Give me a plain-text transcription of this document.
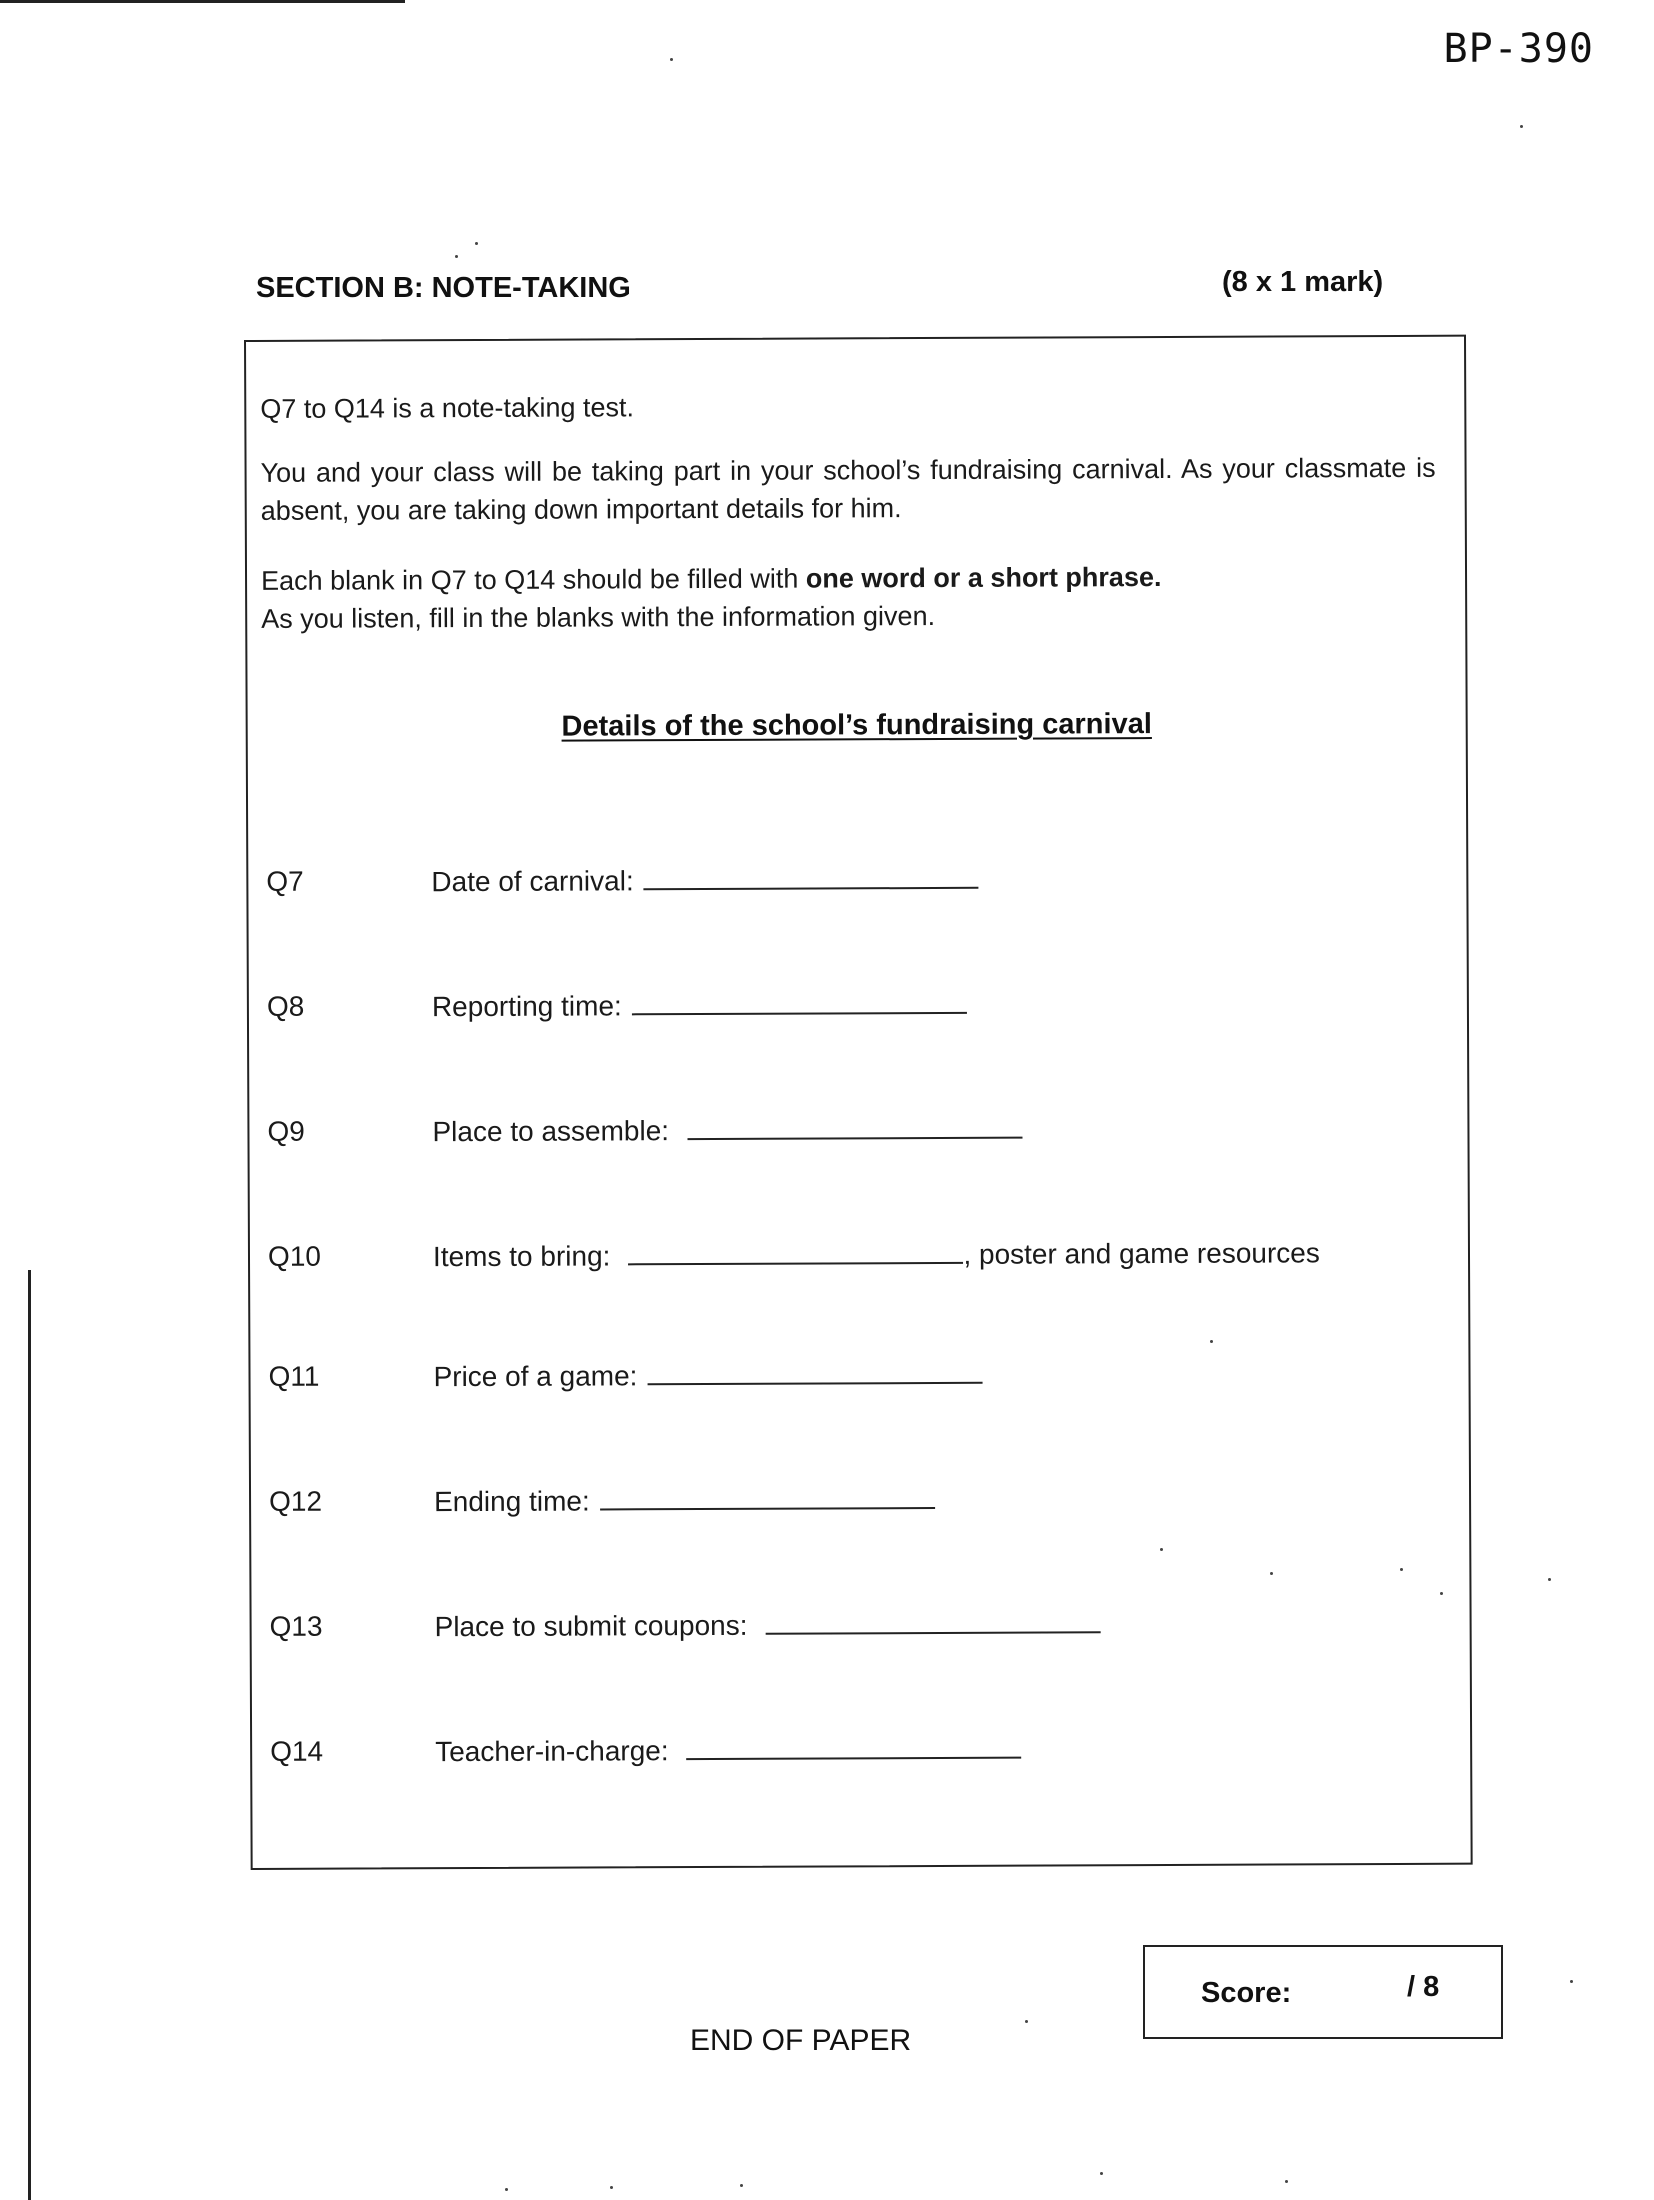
BP-390
SECTION B: NOTE-TAKING	(8 x 1 mark)
Q7 to Q14 is a note-taking test.
You and your class will be taking part in your school’s fundraising carnival. As your classmate is absent, you are taking down important details for him.
Each blank in Q7 to Q14 should be filled with one word or a short phrase.
As you listen, fill in the blanks with the information given.
Details of the school’s fundraising carnival
Q7	Date of carnival:
Q8	Reporting time:
Q9	Place to assemble:
Q10	Items to bring:	, poster and game resources
Q11	Price of a game:
Q12	Ending time:
Q13	Place to submit coupons:
Q14	Teacher-in-charge:
Score:	/ 8
END OF PAPER
